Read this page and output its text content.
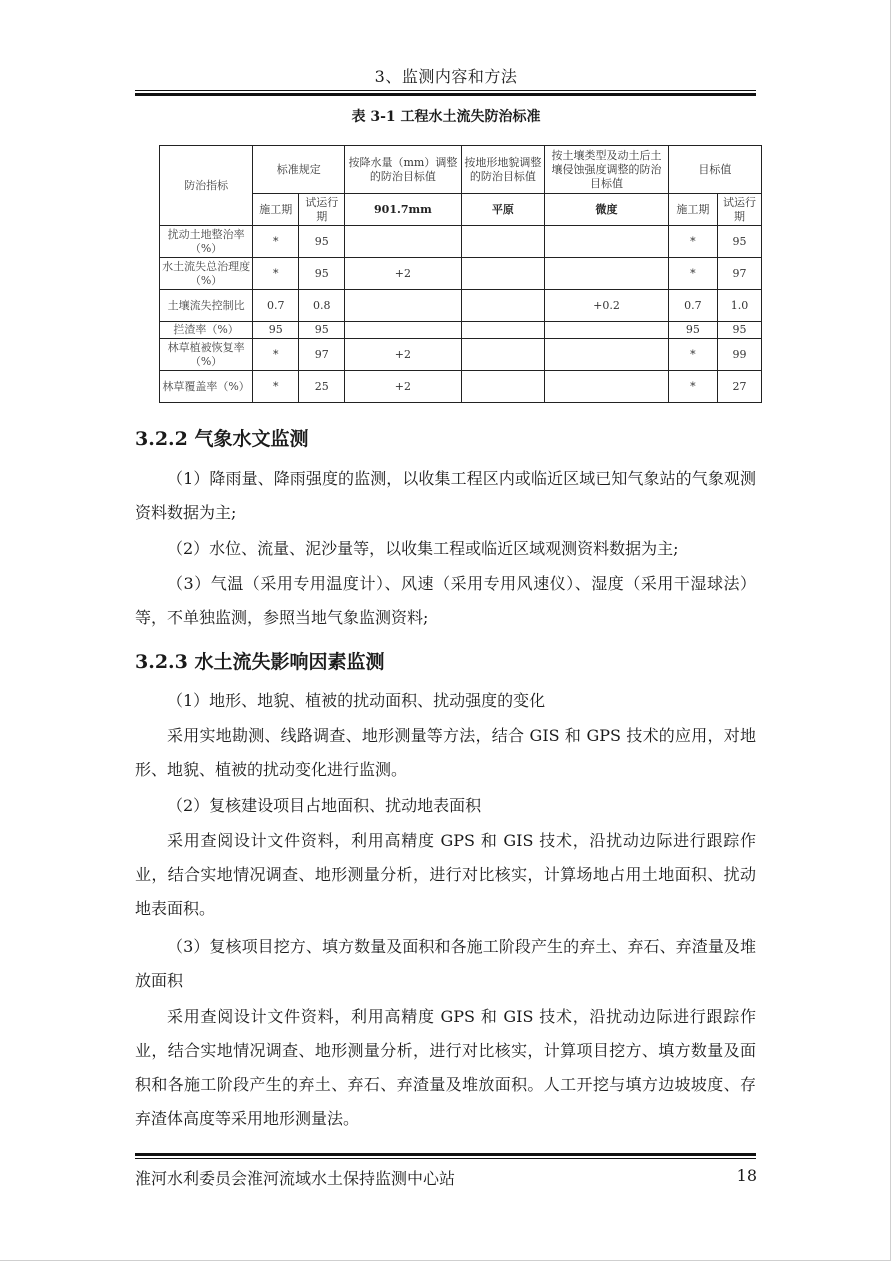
3、监测内容和方法
表 3-1 工程水土流失防治标准
防治指标	标准规定		按降水量（mm）调整的防治目标值	按地形地貌调整的防治目标值	按土壤类型及动土后土壤侵蚀强度调整的防治目标值	目标值	
	施工期	试运行期	901.7mm	平原	微度	施工期	试运行期
扰动土地整治率（%）	*	95				*	95
水土流失总治理度（%）	*	95	+2			*	97
土壤流失控制比	0.7	0.8			+0.2	0.7	1.0
拦渣率（%）	95	95				95	95
林草植被恢复率（%）	*	97	+2			*	99
林草覆盖率（%）	*	25	+2			*	27
3.2.2 气象水文监测
（1）降雨量、降雨强度的监测，以收集工程区内或临近区域已知气象站的气象观测资料数据为主;
（2）水位、流量、泥沙量等，以收集工程或临近区域观测资料数据为主;
（3）气温（采用专用温度计）、风速（采用专用风速仪）、湿度（采用干湿球法）等，不单独监测，参照当地气象监测资料;
3.2.3 水土流失影响因素监测
（1）地形、地貌、植被的扰动面积、扰动强度的变化
采用实地勘测、线路调查、地形测量等方法，结合 GIS 和 GPS 技术的应用，对地形、地貌、植被的扰动变化进行监测。
（2）复核建设项目占地面积、扰动地表面积
采用查阅设计文件资料，利用高精度 GPS 和 GIS 技术，沿扰动边际进行跟踪作业，结合实地情况调查、地形测量分析，进行对比核实，计算场地占用土地面积、扰动地表面积。
（3）复核项目挖方、填方数量及面积和各施工阶段产生的弃土、弃石、弃渣量及堆放面积
采用查阅设计文件资料，利用高精度 GPS 和 GIS 技术，沿扰动边际进行跟踪作业，结合实地情况调查、地形测量分析，进行对比核实，计算项目挖方、填方数量及面积和各施工阶段产生的弃土、弃石、弃渣量及堆放面积。人工开挖与填方边坡坡度、存弃渣体高度等采用地形测量法。
淮河水利委员会淮河流域水土保持监测中心站	18
